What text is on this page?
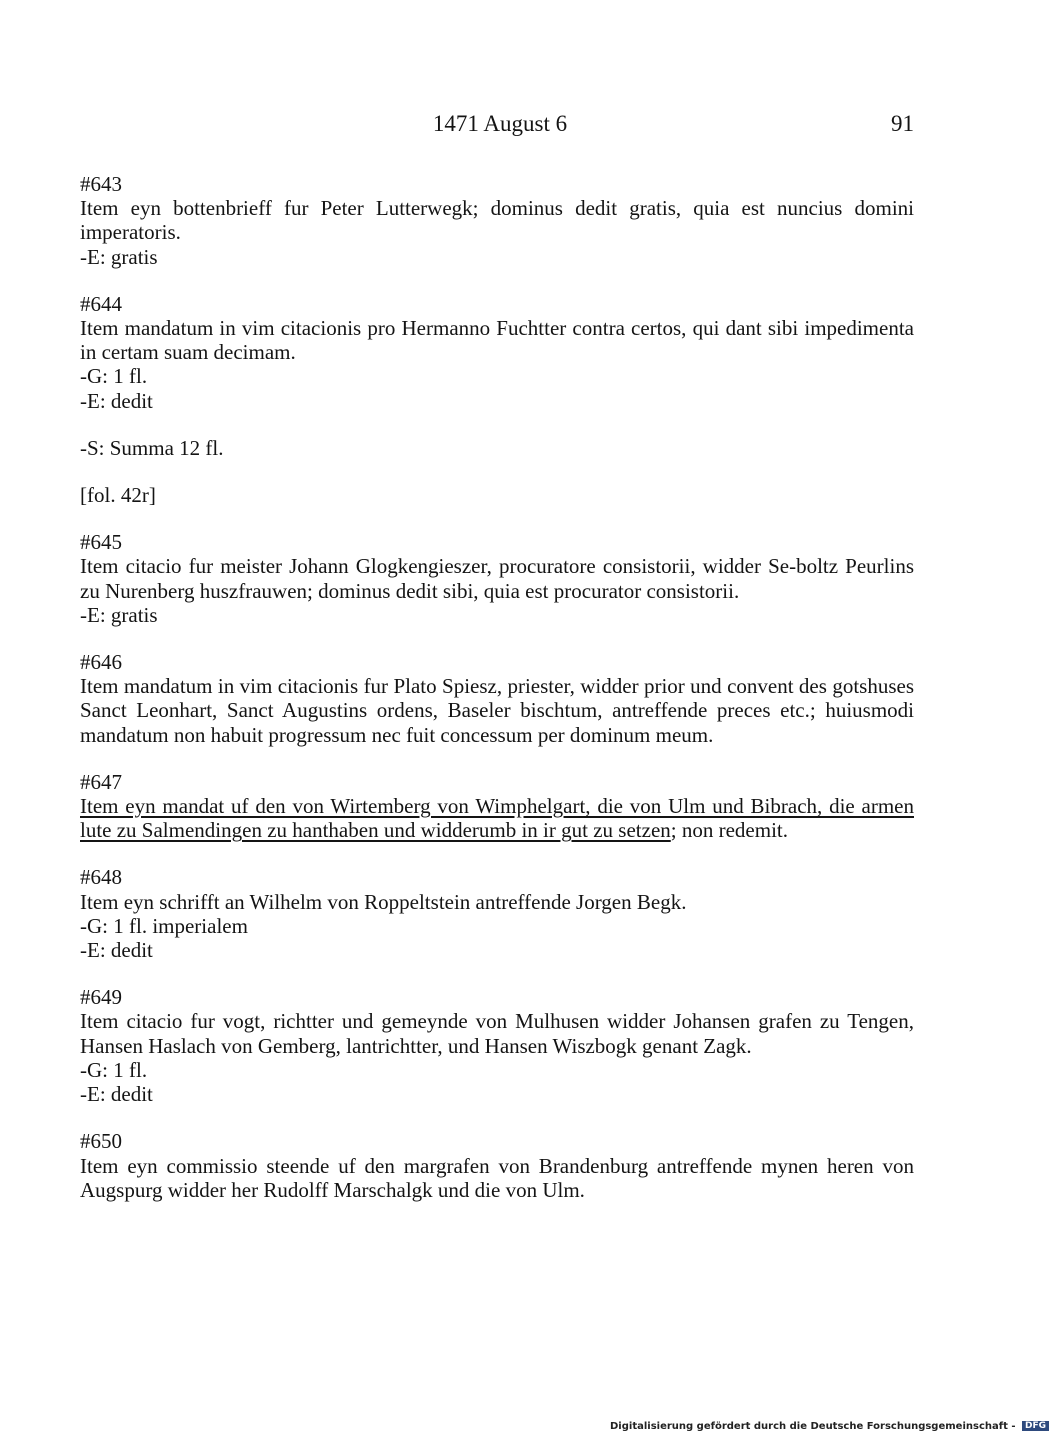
1471 August 6	91
#643
Item eyn bottenbrieff fur Peter Lutterwegk; dominus dedit gratis, quia est nuncius domini imperatoris.
-E: gratis
#644
Item mandatum in vim citacionis pro Hermanno Fuchtter contra certos, qui dant sibi impedimenta in certam suam decimam.
-G: 1 fl.
-E: dedit
-S: Summa 12 fl.
[fol. 42r]
#645
Item citacio fur meister Johann Glogkengieszer, procuratore consistorii, widder Se-boltz Peurlins zu Nurenberg huszfrauwen; dominus dedit sibi, quia est procurator consistorii.
-E: gratis
#646
Item mandatum in vim citacionis fur Plato Spiesz, priester, widder prior und convent des gotshuses Sanct Leonhart, Sanct Augustins ordens, Baseler bischtum, antreffende preces etc.; huiusmodi mandatum non habuit progressum nec fuit concessum per dominum meum.
#647
Item eyn mandat uf den von Wirtemberg von Wimphelgart, die von Ulm und Bibrach, die armen lute zu Salmendingen zu hanthaben und widderumb in ir gut zu setzen; non redemit.
#648
Item eyn schrifft an Wilhelm von Roppeltstein antreffende Jorgen Begk.
-G: 1 fl. imperialem
-E: dedit
#649
Item citacio fur vogt, richtter und gemeynde von Mulhusen widder Johansen grafen zu Tengen, Hansen Haslach von Gemberg, lantrichtter, und Hansen Wiszbogk genant Zagk.
-G: 1 fl.
-E: dedit
#650
Item eyn commissio steende uf den margrafen von Brandenburg antreffende mynen heren von Augspurg widder her Rudolff Marschalgk und die von Ulm.
Digitalisierung gefördert durch die Deutsche Forschungsgemeinschaft - DFG
